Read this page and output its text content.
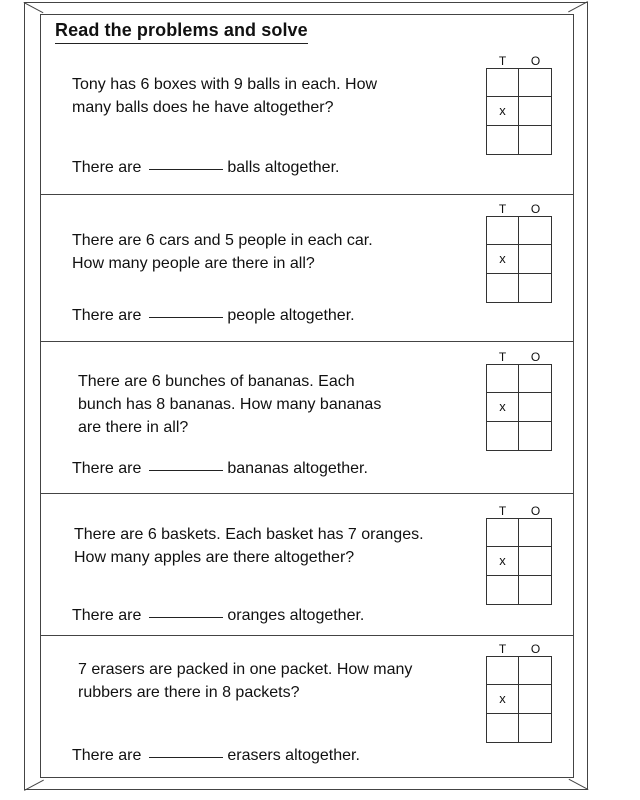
Read the problems and solve

Tony has 6 boxes with 9 balls in each. How
many balls does he have altogether?

There are	balls altogether.

T	O
x

There are 6 cars and 5 people in each car.
How many people are there in all?

There are	people altogether.

T	O
x

There are 6 bunches of bananas. Each
bunch has 8 bananas. How many bananas
are there in all?

There are	bananas altogether.

T	O
x

There are 6 baskets. Each basket has 7 oranges.
How many apples are there altogether?

There are	oranges altogether.

T	O
x

7 erasers are packed in one packet. How many
rubbers are there in 8 packets?

There are	erasers altogether.

T	O
x
